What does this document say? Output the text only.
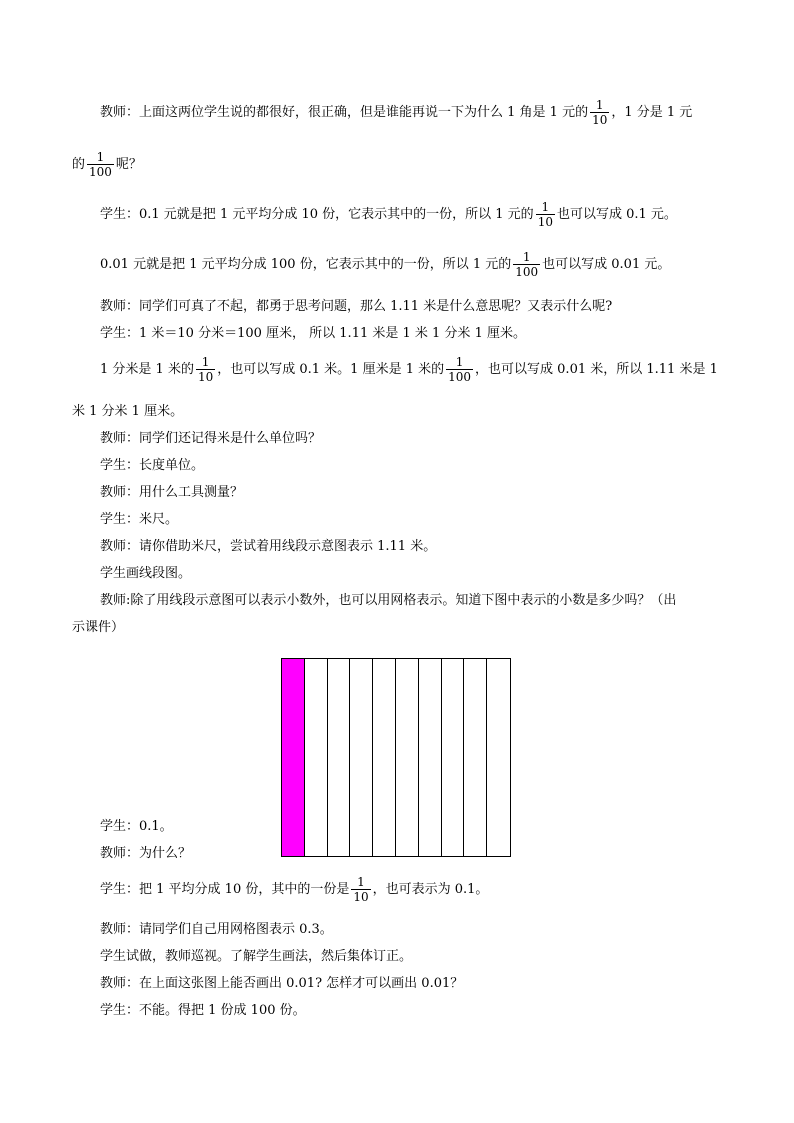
教师：上面这两位学生说的都很好，很正确，但是谁能再说一下为什么 1 角是 1 元的 $\frac{1}{10}$ ，1 分是 1 元
的 $\frac{1}{100}$ 呢？
学生：0.1 元就是把 1 元平均分成 10 份，它表示其中的一份，所以 1 元的 $\frac{1}{10}$ 也可以写成 0.1 元。
0.01 元就是把 1 元平均分成 100 份，它表示其中的一份，所以 1 元的 $\frac{1}{100}$ 也可以写成 0.01 元。
教师：同学们可真了不起，都勇于思考问题，那么 1.11 米是什么意思呢？又表示什么呢?
学生：1 米＝10 分米＝100 厘米， 所以 1.11 米是 1 米 1 分米 1 厘米。
1 分米是 1 米的 $\frac{1}{10}$ ，也可以写成 0.1 米。1 厘米是 1 米的 $\frac{1}{100}$ ，也可以写成 0.01 米，所以 1.11 米是 1
米 1 分米 1 厘米。
教师：同学们还记得米是什么单位吗？
学生：长度单位。
教师：用什么工具测量？
学生：米尺。
教师：请你借助米尺，尝试着用线段示意图表示 1.11 米。
学生画线段图。
教师:除了用线段示意图可以表示小数外，也可以用网格表示。知道下图中表示的小数是多少吗？（出
示课件）
学生：0.1。
教师：为什么？
学生：把 1 平均分成 10 份，其中的一份是 $\frac{1}{10}$ ，也可表示为 0.1。
教师：请同学们自己用网格图表示 0.3。
学生试做，教师巡视。了解学生画法，然后集体订正。
教师：在上面这张图上能否画出 0.01? 怎样才可以画出 0.01？
学生：不能。得把 1 份成 100 份。
